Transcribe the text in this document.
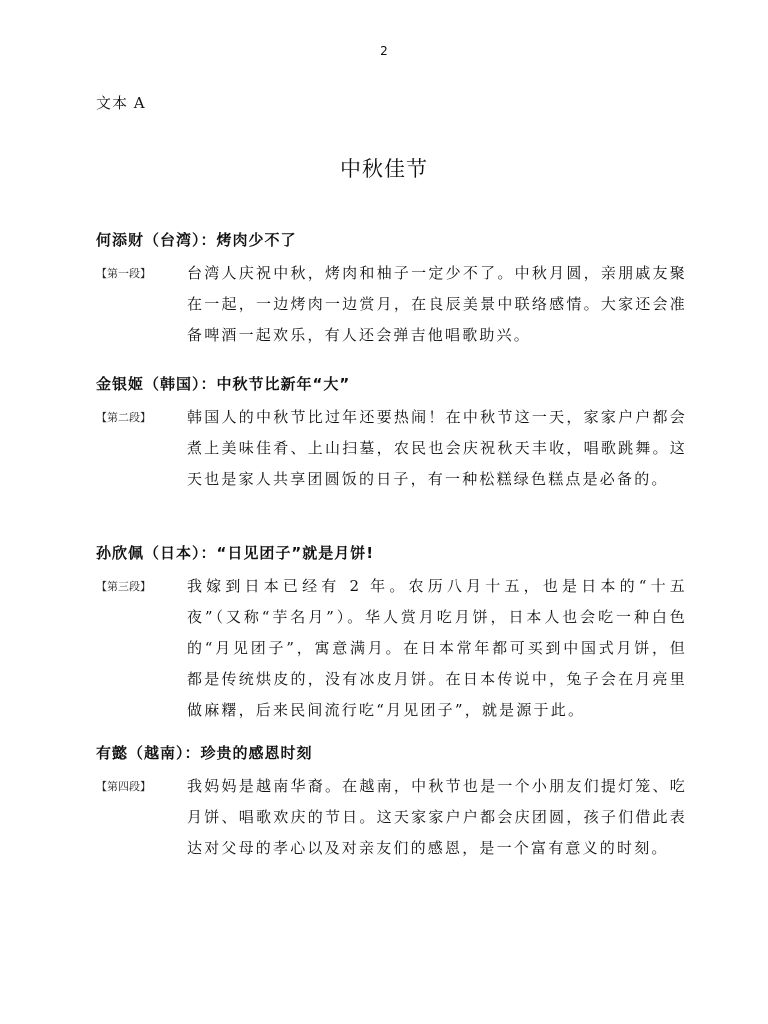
2
文本 A
中秋佳节
何添财（台湾）：烤肉少不了
【第一段】 台湾人庆祝中秋，烤肉和柚子一定少不了。中秋月圆，亲朋戚友聚在一起，一边烤肉一边赏月，在良辰美景中联络感情。大家还会准备啤酒一起欢乐，有人还会弹吉他唱歌助兴。
金银姬（韩国）：中秋节比新年“大”
【第二段】 韩国人的中秋节比过年还要热闹！在中秋节这一天，家家户户都会煮上美味佳肴、上山扫墓，农民也会庆祝秋天丰收，唱歌跳舞。这天也是家人共享团圆饭的日子，有一种松糕绿色糕点是必备的。
孙欣佩（日本）：“日见团子”就是月饼!
【第三段】 我嫁到日本已经有 2 年。农历八月十五，也是日本的“十五夜”（又称“芋名月”）。华人赏月吃月饼，日本人也会吃一种白色的“月见团子”，寓意满月。在日本常年都可买到中国式月饼，但都是传统烘皮的，没有冰皮月饼。在日本传说中，兔子会在月亮里做麻糬，后来民间流行吃“月见团子”，就是源于此。
有懿（越南）：珍贵的感恩时刻
【第四段】 我妈妈是越南华裔。在越南，中秋节也是一个小朋友们提灯笼、吃月饼、唱歌欢庆的节日。这天家家户户都会庆团圆，孩子们借此表达对父母的孝心以及对亲友们的感恩，是一个富有意义的时刻。
